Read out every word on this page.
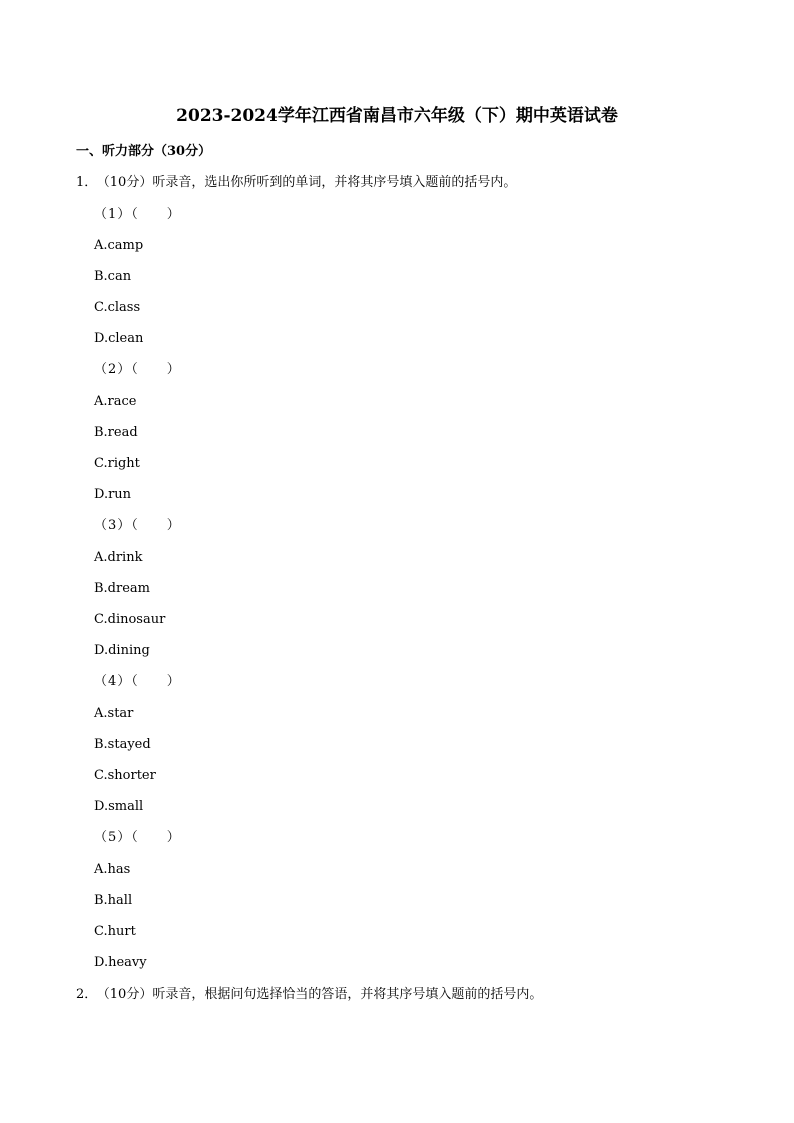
2023-2024学年江西省南昌市六年级（下）期中英语试卷
一、听力部分（30分）
1． （10分）听录音，选出你所听到的单词，并将其序号填入题前的括号内。
（1）（　　）
A.camp
B.can
C.class
D.clean
（2）（　　）
A.race
B.read
C.right
D.run
（3）（　　）
A.drink
B.dream
C.dinosaur
D.dining
（4）（　　）
A.star
B.stayed
C.shorter
D.small
（5）（　　）
A.has
B.hall
C.hurt
D.heavy
2． （10分）听录音，根据问句选择恰当的答语，并将其序号填入题前的括号内。
